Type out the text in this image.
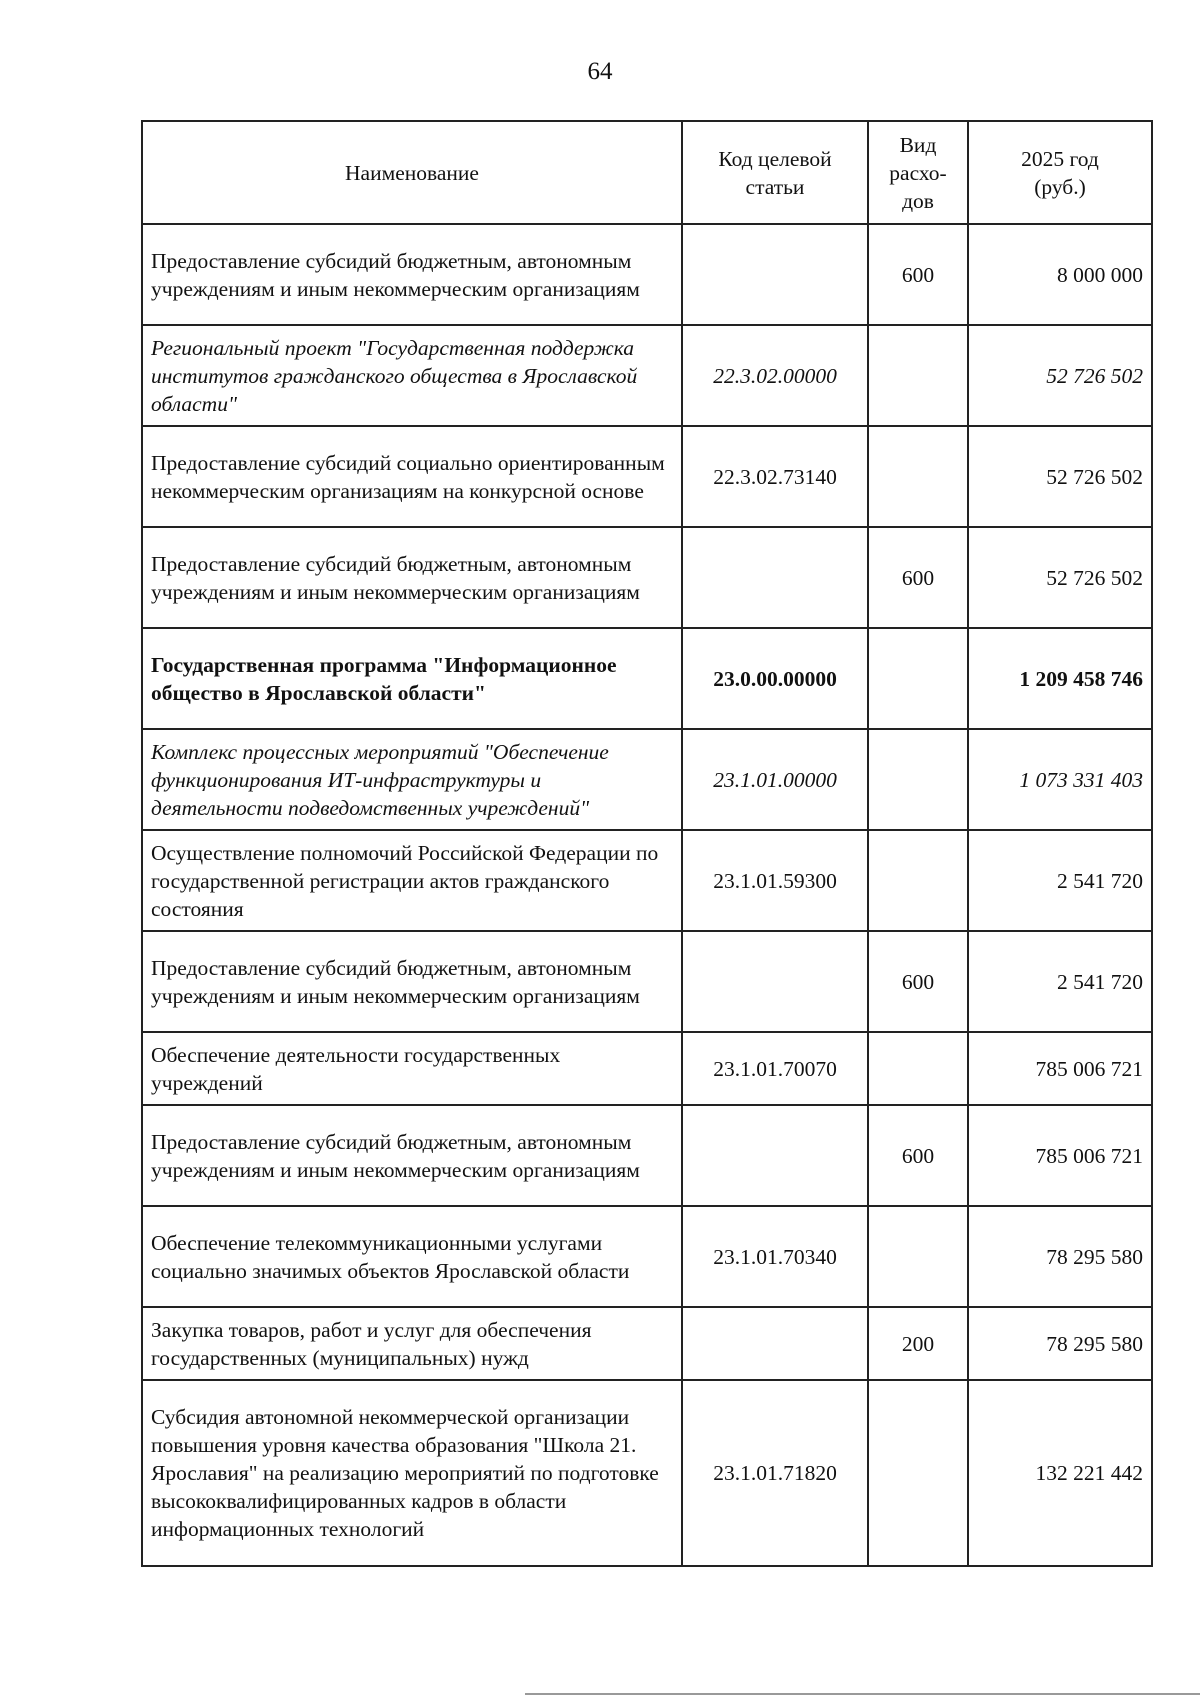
64
Наименование	Код целевой статьи	Вид расхо-дов	2025 год (руб.)
Предоставление субсидий бюджетным, автономным учреждениям и иным некоммерческим организациям		600	8 000 000
Региональный проект "Государственная поддержка институтов гражданского общества в Ярославской области"	22.3.02.00000		52 726 502
Предоставление субсидий социально ориентированным некоммерческим организациям на конкурсной основе	22.3.02.73140		52 726 502
Предоставление субсидий бюджетным, автономным учреждениям и иным некоммерческим организациям		600	52 726 502
Государственная программа "Информационное общество в Ярославской области"	23.0.00.00000		1 209 458 746
Комплекс процессных мероприятий "Обеспечение функционирования ИТ-инфраструктуры и деятельности подведомственных учреждений"	23.1.01.00000		1 073 331 403
Осуществление полномочий Российской Федерации по государственной регистрации актов гражданского состояния	23.1.01.59300		2 541 720
Предоставление субсидий бюджетным, автономным учреждениям и иным некоммерческим организациям		600	2 541 720
Обеспечение деятельности государственных учреждений	23.1.01.70070		785 006 721
Предоставление субсидий бюджетным, автономным учреждениям и иным некоммерческим организациям		600	785 006 721
Обеспечение телекоммуникационными услугами социально значимых объектов Ярославской области	23.1.01.70340		78 295 580
Закупка товаров, работ и услуг для обеспечения государственных (муниципальных) нужд		200	78 295 580
Субсидия автономной некоммерческой организации повышения уровня качества образования "Школа 21. Ярославия" на реализацию мероприятий по подготовке высококвалифицированных кадров в области информационных технологий	23.1.01.71820		132 221 442
